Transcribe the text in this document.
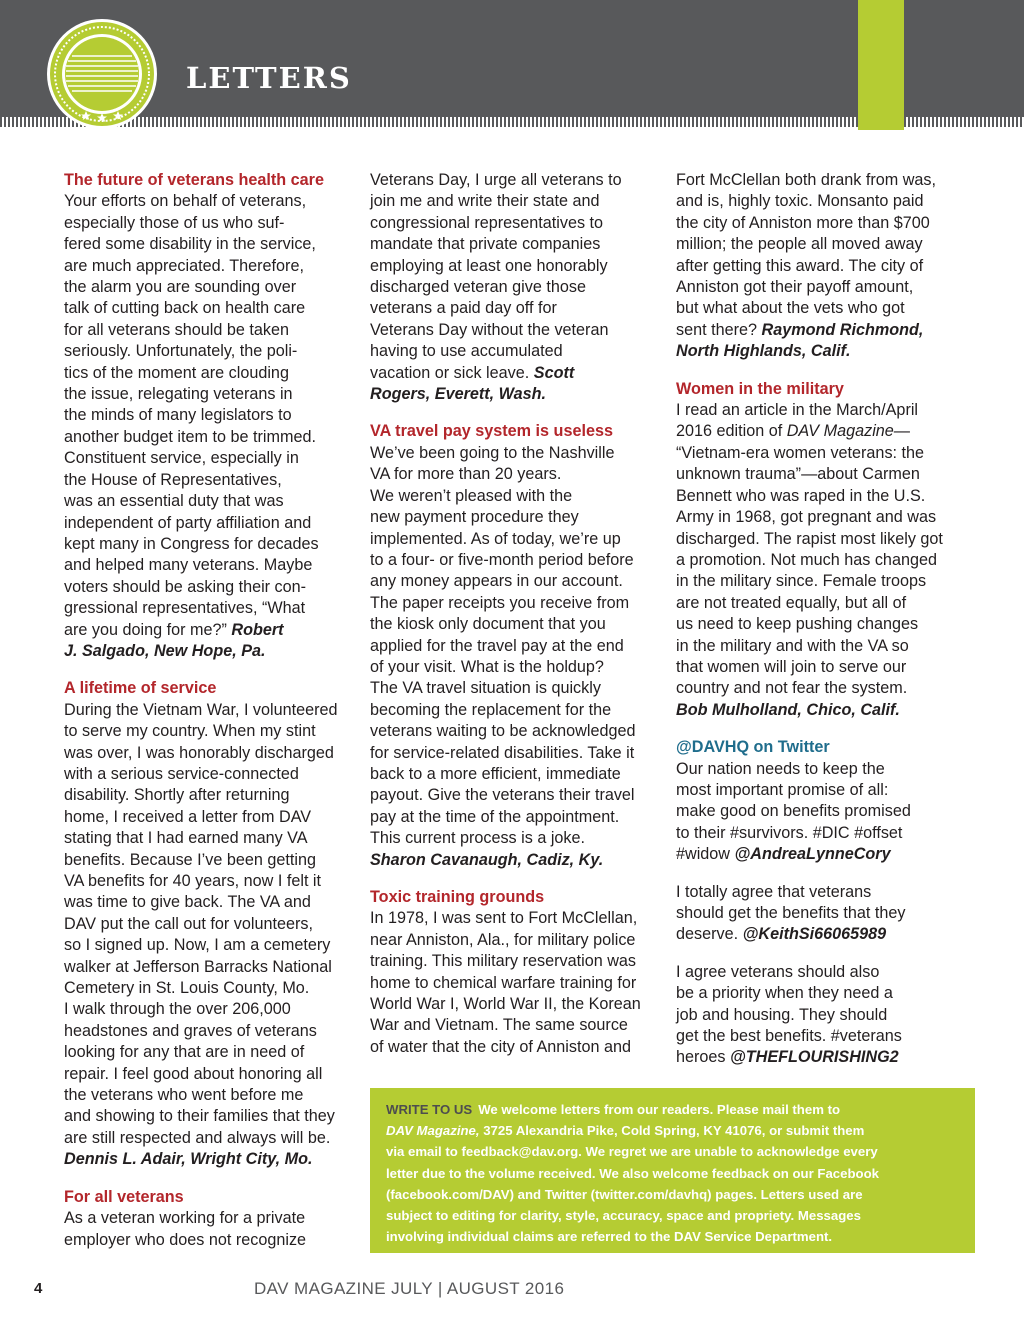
LETTERS
The future of veterans health care
Your efforts on behalf of veterans,
especially those of us who suf-
fered some disability in the service,
are much appreciated. Therefore,
the alarm you are sounding over
talk of cutting back on health care
for all veterans should be taken
seriously. Unfortunately, the poli-
tics of the moment are clouding
the issue, relegating veterans in
the minds of many legislators to
another budget item to be trimmed.
Constituent service, especially in
the House of Representatives,
was an essential duty that was
independent of party affiliation and
kept many in Congress for decades
and helped many veterans. Maybe
voters should be asking their con-
gressional representatives, “What
are you doing for me?” Robert
J. Salgado, New Hope, Pa.
A lifetime of service
During the Vietnam War, I volunteered
to serve my country. When my stint
was over, I was honorably discharged
with a serious service-connected
disability. Shortly after returning
home, I received a letter from DAV
stating that I had earned many VA
benefits. Because I’ve been getting
VA benefits for 40 years, now I felt it
was time to give back. The VA and
DAV put the call out for volunteers,
so I signed up. Now, I am a cemetery
walker at Jefferson Barracks National
Cemetery in St. Louis County, Mo.
I walk through the over 206,000
headstones and graves of veterans
looking for any that are in need of
repair. I feel good about honoring all
the veterans who went before me
and showing to their families that they
are still respected and always will be.
Dennis L. Adair, Wright City, Mo.
For all veterans
As a veteran working for a private
employer who does not recognize
Veterans Day, I urge all veterans to
join me and write their state and
congressional representatives to
mandate that private companies
employing at least one honorably
discharged veteran give those
veterans a paid day off for
Veterans Day without the veteran
having to use accumulated
vacation or sick leave. Scott
Rogers, Everett, Wash.
VA travel pay system is useless
We’ve been going to the Nashville
VA for more than 20 years.
We weren’t pleased with the
new payment procedure they
implemented. As of today, we’re up
to a four- or five-month period before
any money appears in our account.
The paper receipts you receive from
the kiosk only document that you
applied for the travel pay at the end
of your visit. What is the holdup?
The VA travel situation is quickly
becoming the replacement for the
veterans waiting to be acknowledged
for service-related disabilities. Take it
back to a more efficient, immediate
payout. Give the veterans their travel
pay at the time of the appointment.
This current process is a joke.
Sharon Cavanaugh, Cadiz, Ky.
Toxic training grounds
In 1978, I was sent to Fort McClellan,
near Anniston, Ala., for military police
training. This military reservation was
home to chemical warfare training for
World War I, World War II, the Korean
War and Vietnam. The same source
of water that the city of Anniston and
Fort McClellan both drank from was,
and is, highly toxic. Monsanto paid
the city of Anniston more than $700
million; the people all moved away
after getting this award. The city of
Anniston got their payoff amount,
but what about the vets who got
sent there? Raymond Richmond,
North Highlands, Calif.
Women in the military
I read an article in the March/April
2016 edition of DAV Magazine—
“Vietnam-era women veterans: the
unknown trauma”—about Carmen
Bennett who was raped in the U.S.
Army in 1968, got pregnant and was
discharged. The rapist most likely got
a promotion. Not much has changed
in the military since. Female troops
are not treated equally, but all of
us need to keep pushing changes
in the military and with the VA so
that women will join to serve our
country and not fear the system.
Bob Mulholland, Chico, Calif.
@DAVHQ on Twitter
Our nation needs to keep the
most important promise of all:
make good on benefits promised
to their #survivors. #DIC #offset
#widow @AndreaLynneCory
I totally agree that veterans
should get the benefits that they
deserve. @KeithSi66065989
I agree veterans should also
be a priority when they need a
job and housing. They should
get the best benefits. #veterans
heroes @THEFLOURISHING2
WRITE TO US We welcome letters from our readers. Please mail them to
DAV Magazine, 3725 Alexandria Pike, Cold Spring, KY 41076, or submit them
via email to feedback@dav.org. We regret we are unable to acknowledge every
letter due to the volume received. We also welcome feedback on our Facebook
(facebook.com/DAV) and Twitter (twitter.com/davhq) pages. Letters used are
subject to editing for clarity, style, accuracy, space and propriety. Messages
involving individual claims are referred to the DAV Service Department.
4	DAV MAGAZINE JULY | AUGUST 2016
